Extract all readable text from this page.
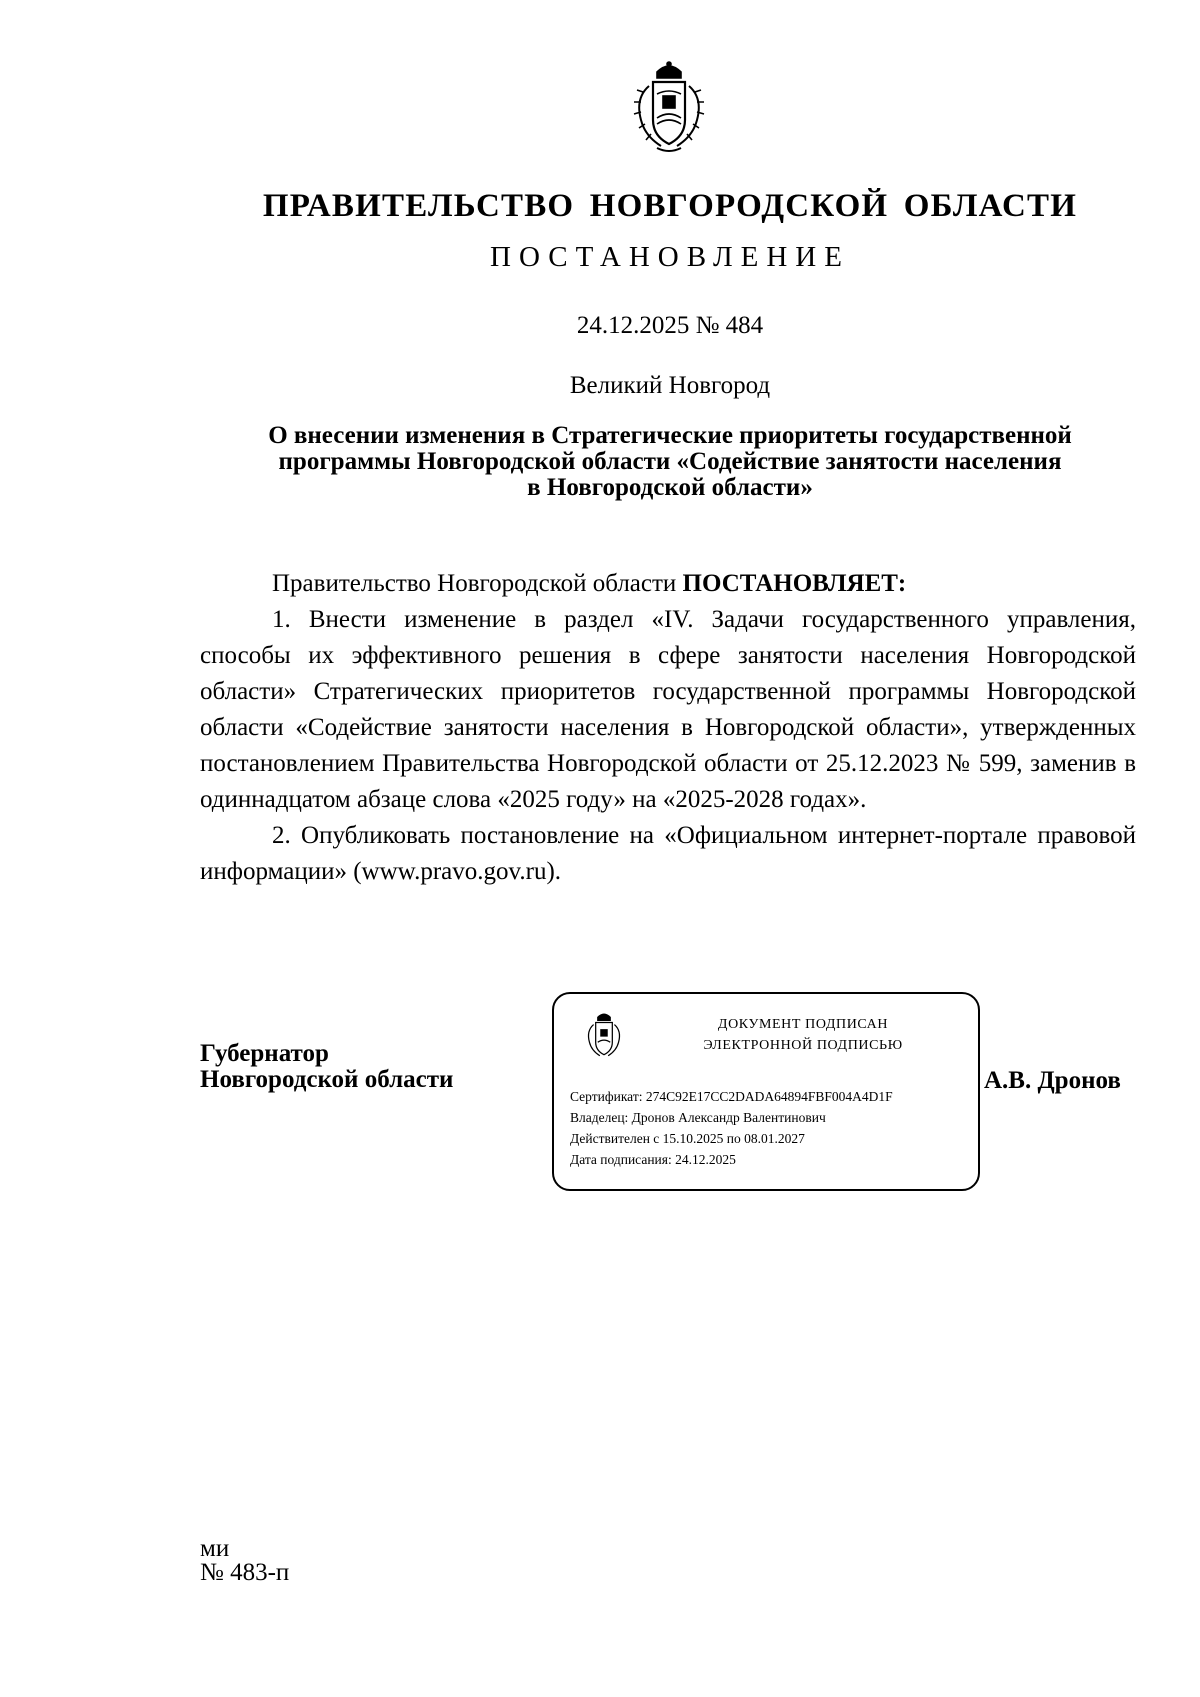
ПРАВИТЕЛЬСТВО НОВГОРОДСКОЙ ОБЛАСТИ
ПОСТАНОВЛЕНИЕ
24.12.2025 № 484
Великий Новгород
О внесении изменения в Стратегические приоритеты государственной
программы Новгородской области «Содействие занятости населения
в Новгородской области»

Правительство Новгородской области ПОСТАНОВЛЯЕТ:

1. Внести изменение в раздел «IV. Задачи государственного управления, способы их эффективного решения в сфере занятости населения Новгородской области» Стратегических приоритетов государственной программы Новгородской области «Содействие занятости населения в Новгородской области», утвержденных постановлением Правительства Новгородской области от 25.12.2023 № 599, заменив в одиннадцатом абзаце слова «2025 году» на «2025-2028 годах».

2. Опубликовать постановление на «Официальном интернет-портале правовой информации» (www.pravo.gov.ru).

Губернатор
Новгородской области
ДОКУМЕНТ ПОДПИСАН
ЭЛЕКТРОННОЙ ПОДПИСЬЮ
Сертификат: 274C92E17CC2DADA64894FBF004A4D1F
Владелец: Дронов Александр Валентинович
Действителен с 15.10.2025 по 08.01.2027
Дата подписания: 24.12.2025
А.В. Дронов
ми
№ 483-п
